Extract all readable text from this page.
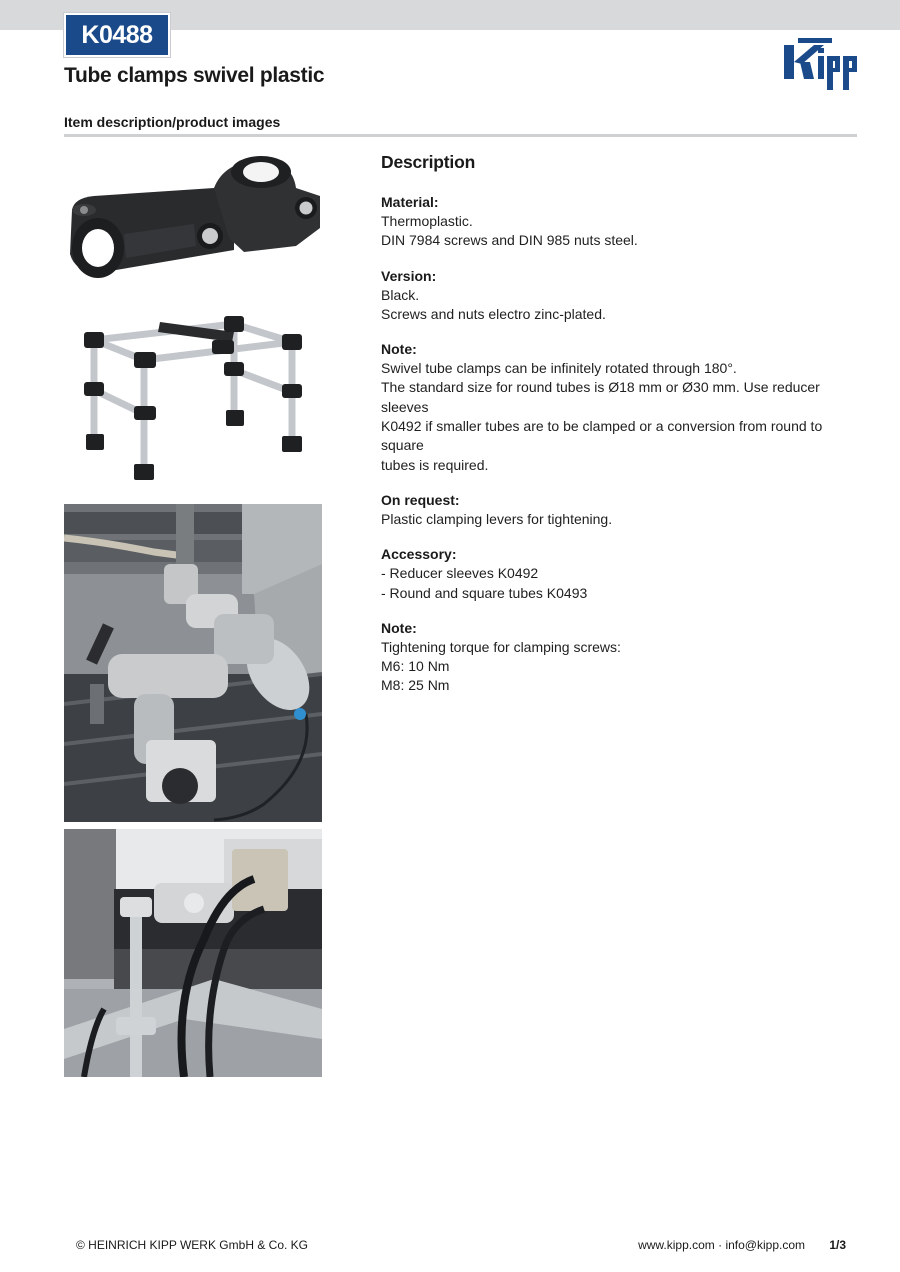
K0488
Tube clamps swivel plastic
Item description/product images
Description
Material:
Thermoplastic.
DIN 7984 screws and DIN 985 nuts steel.
Version:
Black.
Screws and nuts electro zinc-plated.
Note:
Swivel tube clamps can be infinitely rotated through 180°.
The standard size for round tubes is Ø18 mm or Ø30 mm. Use reducer sleeves
K0492 if smaller tubes are to be clamped or a conversion from round to square
tubes is required.
On request:
Plastic clamping levers for tightening.
Accessory:
- Reducer sleeves K0492
- Round and square tubes K0493
Note:
Tightening torque for clamping screws:
M6: 10 Nm
M8: 25 Nm
© HEINRICH KIPP WERK GmbH & Co. KG	www.kipp.com · info@kipp.com 1/3
